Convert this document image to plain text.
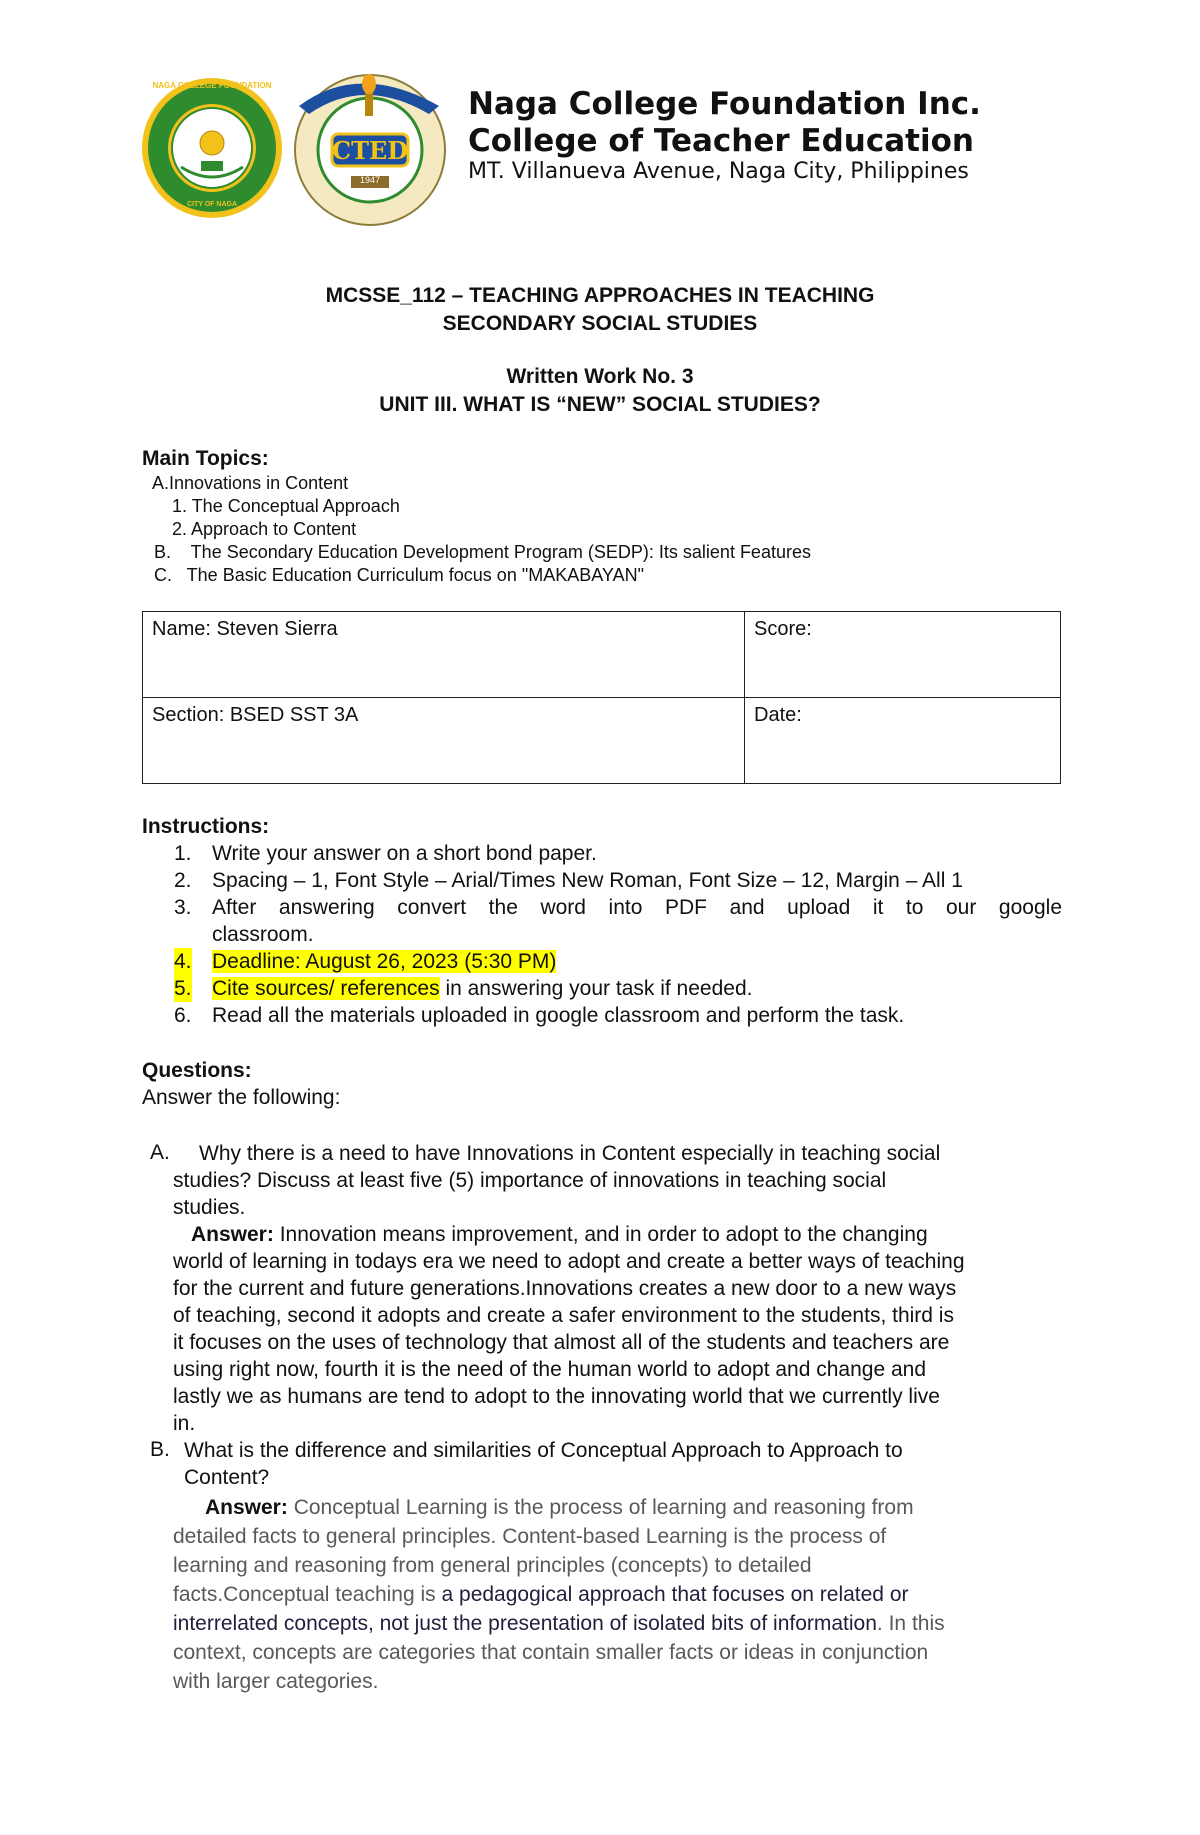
NAGA COLLEGE FOUNDATION
CITY OF NAGA
CTED
1947
Naga College Foundation Inc.
College of Teacher Education
MT. Villanueva Avenue, Naga City, Philippines
MCSSE_112 – TEACHING APPROACHES IN TEACHING
SECONDARY SOCIAL STUDIES
Written Work No. 3
UNIT III. WHAT IS “NEW” SOCIAL STUDIES?
Main Topics:
A.Innovations in Content
1. The Conceptual Approach
2. Approach to Content
B.    The Secondary Education Development Program (SEDP): Its salient Features
C.   The Basic Education Curriculum focus on "MAKABAYAN"
Name: Steven Sierra	Score:
Section: BSED SST 3A	Date:
Instructions:
1. Write your answer on a short bond paper.
2. Spacing – 1, Font Style – Arial/Times New Roman, Font Size – 12, Margin – All 1
3. After answering convert the word into PDF and upload it to our google
classroom.
4. Deadline: August 26, 2023 (5:30 PM)
5. Cite sources/ references in answering your task if needed.
6. Read all the materials uploaded in google classroom and perform the task.
Questions:
Answer the following:
A. Why there is a need to have Innovations in Content especially in teaching social
studies? Discuss at least five (5) importance of innovations in teaching social
studies.
Answer: Innovation means improvement, and in order to adopt to the changing
world of learning in todays era we need to adopt and create a better ways of teaching
for the current and future generations.Innovations creates a new door to a new ways
of teaching, second it adopts and create a safer environment to the students, third is
it focuses on the uses of technology that almost all of the students and teachers are
using right now, fourth it is the need of the human world to adopt and change and
lastly we as humans are tend to adopt to the innovating world that we currently live
in.
B. What is the difference and similarities of Conceptual Approach to Approach to
Content?
Answer: Conceptual Learning is the process of learning and reasoning from
detailed facts to general principles. Content-based Learning is the process of
learning and reasoning from general principles (concepts) to detailed
facts.Conceptual teaching is a pedagogical approach that focuses on related or
interrelated concepts, not just the presentation of isolated bits of information. In this
context, concepts are categories that contain smaller facts or ideas in conjunction
with larger categories.
